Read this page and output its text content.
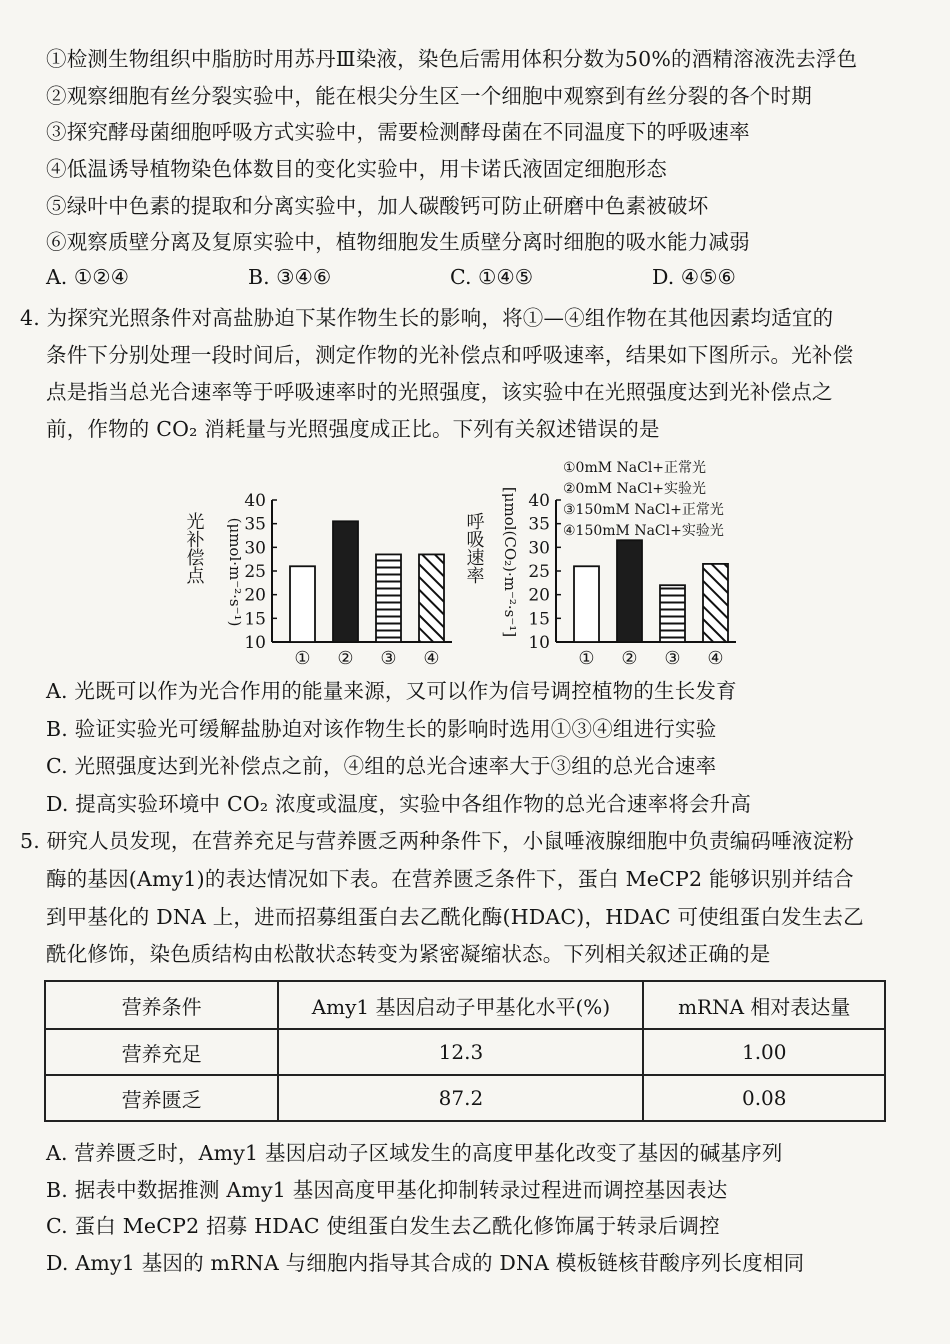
①检测生物组织中脂肪时用苏丹Ⅲ染液，染色后需用体积分数为50%的酒精溶液洗去浮色
②观察细胞有丝分裂实验中，能在根尖分生区一个细胞中观察到有丝分裂的各个时期
③探究酵母菌细胞呼吸方式实验中，需要检测酵母菌在不同温度下的呼吸速率
④低温诱导植物染色体数目的变化实验中，用卡诺氏液固定细胞形态
⑤绿叶中色素的提取和分离实验中，加人碳酸钙可防止研磨中色素被破坏
⑥观察质壁分离及复原实验中，植物细胞发生质壁分离时细胞的吸水能力减弱
A. ①②④	B. ③④⑥	C. ①④⑤	D. ④⑤⑥
4. 为探究光照条件对高盐胁迫下某作物生长的影响，将①—④组作物在其他因素均适宜的
条件下分别处理一段时间后，测定作物的光补偿点和呼吸速率，结果如下图所示。光补偿
点是指当总光合速率等于呼吸速率时的光照强度，该实验中在光照强度达到光补偿点之
前，作物的 CO₂ 消耗量与光照强度成正比。下列有关叙述错误的是
光补偿点 (μmol·m⁻²·s⁻¹)
10
15
20
25
30
35
40
① ② ③ ④
呼吸速率 [μmol(CO₂)·m⁻²·s⁻¹]
10
15
20
25
30
35
40
① ② ③ ④
①0mM NaCl+正常光
②0mM NaCl+实验光
③150mM NaCl+正常光
④150mM NaCl+实验光
A. 光既可以作为光合作用的能量来源，又可以作为信号调控植物的生长发育
B. 验证实验光可缓解盐胁迫对该作物生长的影响时选用①③④组进行实验
C. 光照强度达到光补偿点之前，④组的总光合速率大于③组的总光合速率
D. 提高实验环境中 CO₂ 浓度或温度，实验中各组作物的总光合速率将会升高
5. 研究人员发现，在营养充足与营养匮乏两种条件下，小鼠唾液腺细胞中负责编码唾液淀粉
酶的基因(Amy1)的表达情况如下表。在营养匮乏条件下，蛋白 MeCP2 能够识别并结合
到甲基化的 DNA 上，进而招募组蛋白去乙酰化酶(HDAC)，HDAC 可使组蛋白发生去乙
酰化修饰，染色质结构由松散状态转变为紧密凝缩状态。下列相关叙述正确的是
营养条件	Amy1 基因启动子甲基化水平(%)	mRNA 相对表达量
营养充足	12.3	1.00
营养匮乏	87.2	0.08
A. 营养匮乏时，Amy1 基因启动子区域发生的高度甲基化改变了基因的碱基序列
B. 据表中数据推测 Amy1 基因高度甲基化抑制转录过程进而调控基因表达
C. 蛋白 MeCP2 招募 HDAC 使组蛋白发生去乙酰化修饰属于转录后调控
D. Amy1 基因的 mRNA 与细胞内指导其合成的 DNA 模板链核苷酸序列长度相同
